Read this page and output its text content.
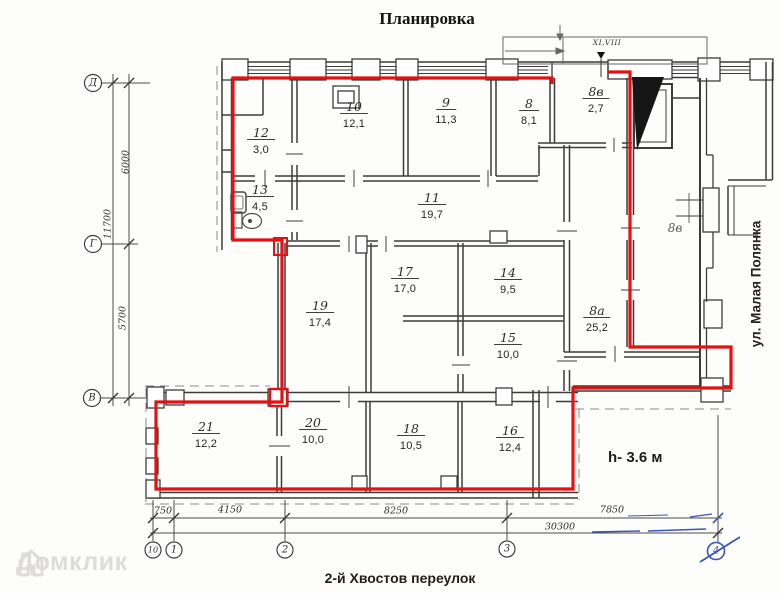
Планировка
12
3,0
13
4,5
10
12,1
9
11,3
8
8,1
8в
2,7
11
19,7
19
17,4
17
17,0
14
9,5
15
10,0
8а
25,2
21
12,2
20
10,0
18
10,5
16
12,4
8в
Д
Г
В
10 1	2	3	4
6000
11700
5700
750	4150	8250	7850
30300
XI,VIII
h- 3.6 м
ул. Малая Полянка
2-й Хвостов переулок
Домклик
